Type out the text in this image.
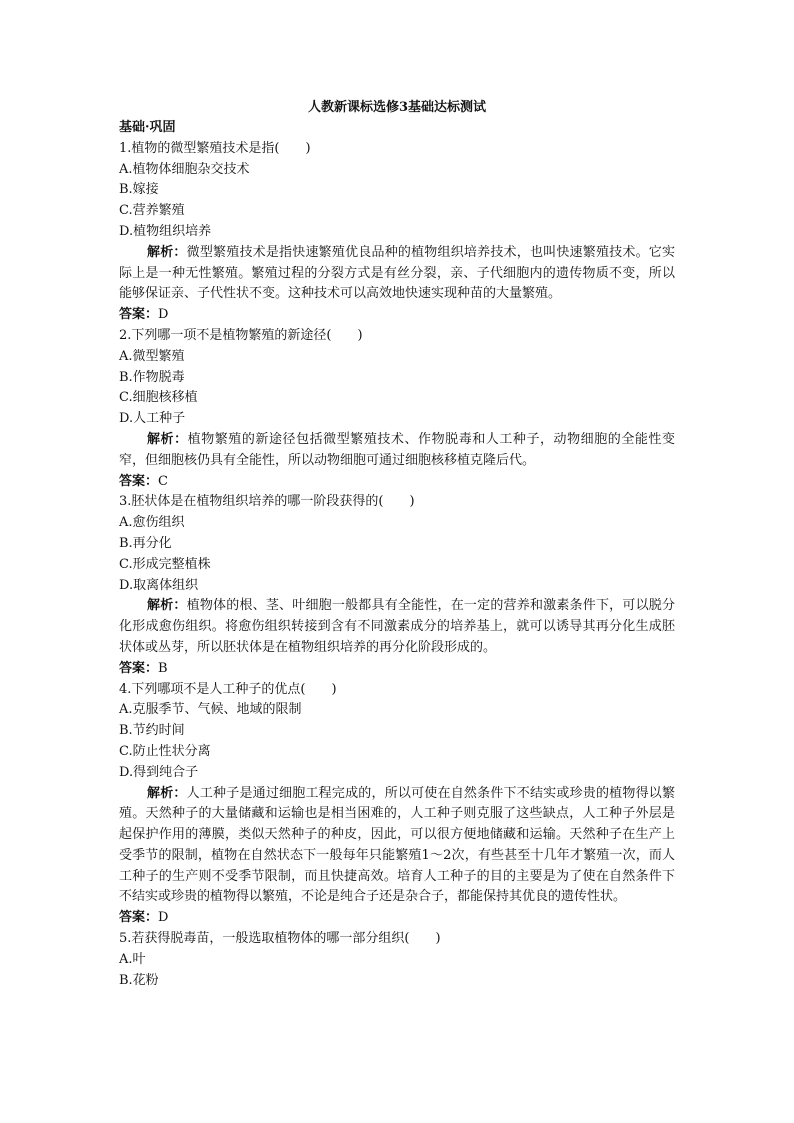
人教新课标选修3基础达标测试

基础·巩固

1.植物的微型繁殖技术是指(　　)

A.植物体细胞杂交技术

B.嫁接

C.营养繁殖

D.植物组织培养

解析：微型繁殖技术是指快速繁殖优良品种的植物组织培养技术，也叫快速繁殖技术。它实际上是一种无性繁殖。繁殖过程的分裂方式是有丝分裂，亲、子代细胞内的遗传物质不变，所以能够保证亲、子代性状不变。这种技术可以高效地快速实现种苗的大量繁殖。

答案：D

2.下列哪一项不是植物繁殖的新途径(　　)

A.微型繁殖

B.作物脱毒

C.细胞核移植

D.人工种子

解析：植物繁殖的新途径包括微型繁殖技术、作物脱毒和人工种子，动物细胞的全能性变窄，但细胞核仍具有全能性，所以动物细胞可通过细胞核移植克隆后代。

答案：C

3.胚状体是在植物组织培养的哪一阶段获得的(　　)

A.愈伤组织

B.再分化

C.形成完整植株

D.取离体组织

解析：植物体的根、茎、叶细胞一般都具有全能性，在一定的营养和激素条件下，可以脱分化形成愈伤组织。将愈伤组织转接到含有不同激素成分的培养基上，就可以诱导其再分化生成胚状体或丛芽，所以胚状体是在植物组织培养的再分化阶段形成的。

答案：B

4.下列哪项不是人工种子的优点(　　)

A.克服季节、气候、地域的限制

B.节约时间

C.防止性状分离

D.得到纯合子

解析：人工种子是通过细胞工程完成的，所以可使在自然条件下不结实或珍贵的植物得以繁殖。天然种子的大量储藏和运输也是相当困难的，人工种子则克服了这些缺点，人工种子外层是起保护作用的薄膜，类似天然种子的种皮，因此，可以很方便地储藏和运输。天然种子在生产上受季节的限制，植物在自然状态下一般每年只能繁殖1～2次，有些甚至十几年才繁殖一次，而人工种子的生产则不受季节限制，而且快捷高效。培育人工种子的目的主要是为了使在自然条件下不结实或珍贵的植物得以繁殖，不论是纯合子还是杂合子，都能保持其优良的遗传性状。

答案：D

5.若获得脱毒苗，一般选取植物体的哪一部分组织(　　)

A.叶

B.花粉
